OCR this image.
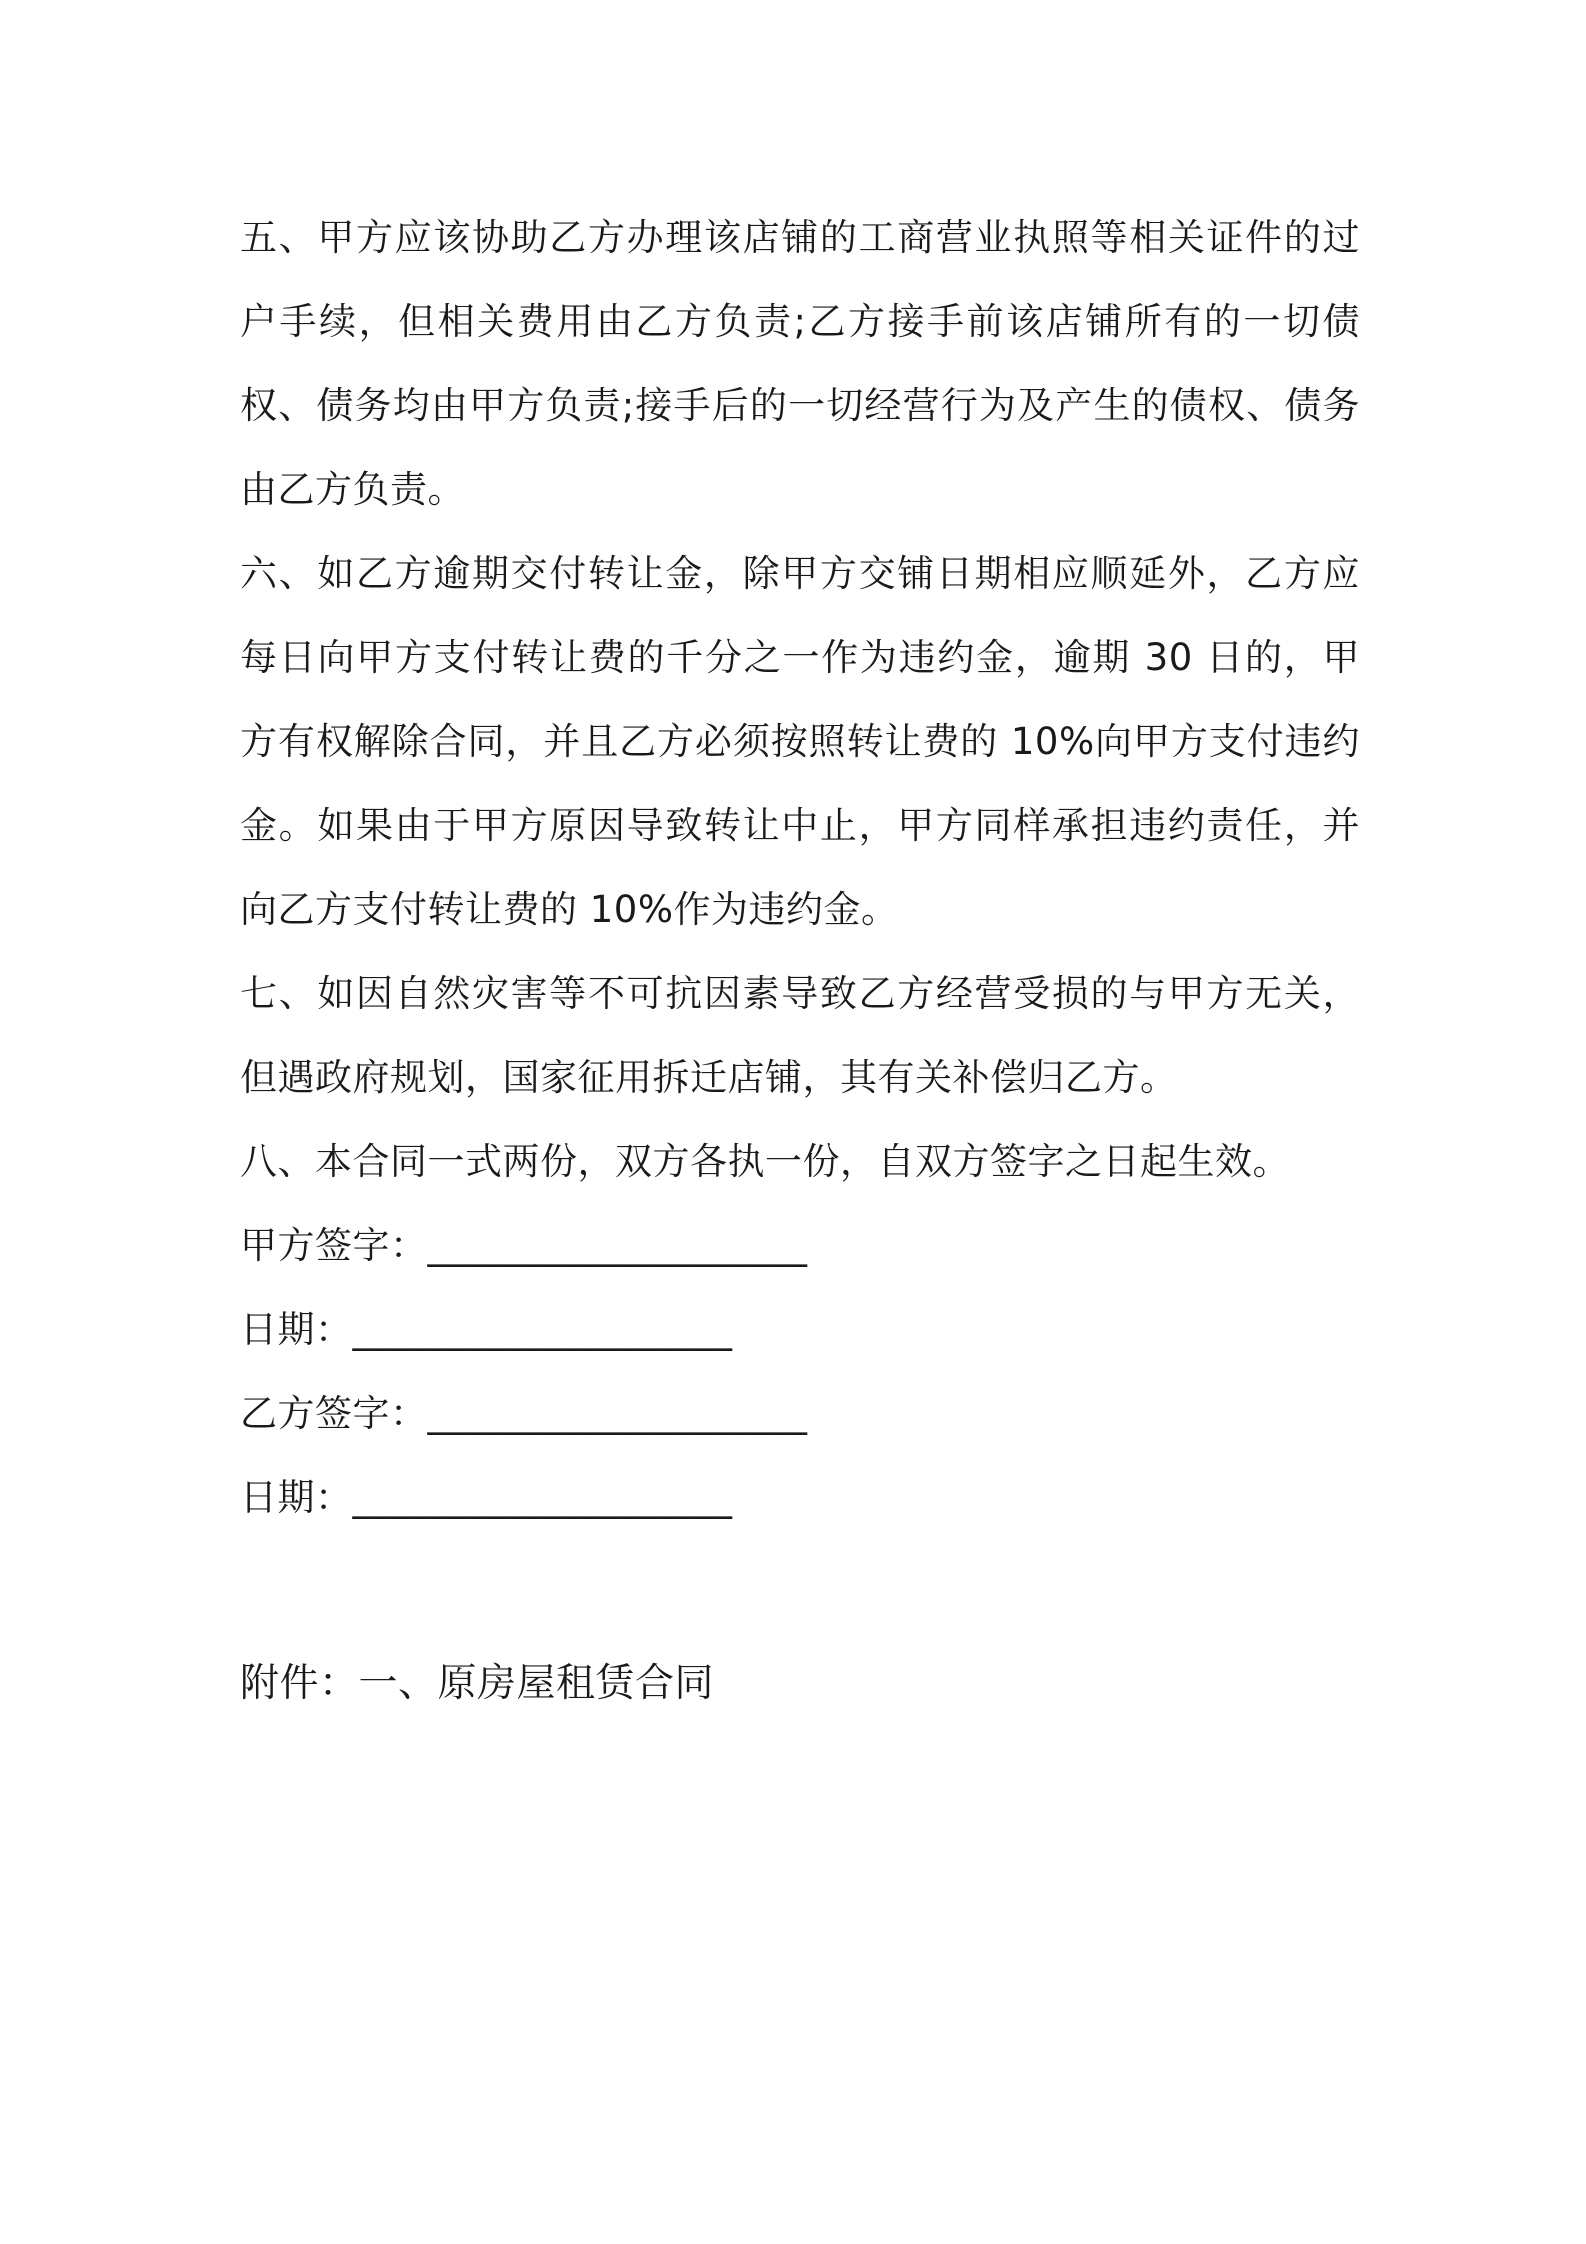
五、甲方应该协助乙方办理该店铺的工商营业执照等相关证件的过户手续，但相关费用由乙方负责;乙方接手前该店铺所有的一切债权、债务均由甲方负责;接手后的一切经营行为及产生的债权、债务由乙方负责。

六、如乙方逾期交付转让金，除甲方交铺日期相应顺延外，乙方应每日向甲方支付转让费的千分之一作为违约金，逾期 30 日的，甲方有权解除合同，并且乙方必须按照转让费的 10%向甲方支付违约金。如果由于甲方原因导致转让中止，甲方同样承担违约责任，并向乙方支付转让费的 10%作为违约金。

七、如因自然灾害等不可抗因素导致乙方经营受损的与甲方无关，但遇政府规划，国家征用拆迁店铺，其有关补偿归乙方。

八、本合同一式两份，双方各执一份，自双方签字之日起生效。

甲方签字：____________________

日期：____________________

乙方签字：____________________

日期：____________________

附件：一、原房屋租赁合同
